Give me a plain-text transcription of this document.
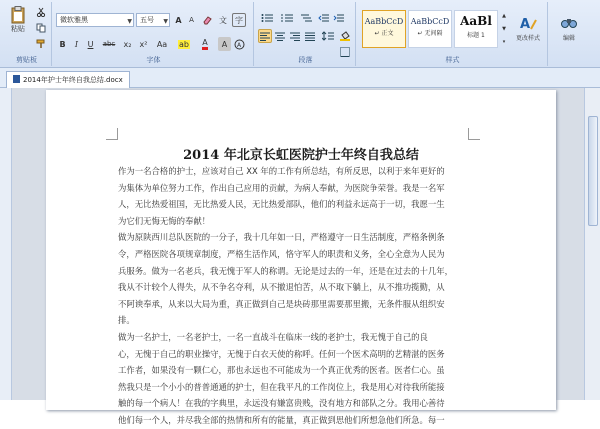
粘贴
剪贴板
微软雅黑	▼	五号 ▼ A A	文 字
B I U abc x₂ x² Aa ab A A A
字体	段落
AaBbCcD
↵ 正文
AaBbCcD
↵ 无间隔
AaBl
标题 1
▲
▼
▾
A
更改样式
样式
编辑
2014年护士年终自我总结.docx
2014 年北京长虹医院护士年终自我总结
作为一名合格的护士，应该对自己 XX 年的工作有所总结，有所反思，以利于来年更好的
为集体为单位努力工作，作出自己应用的贡献，为病人奉献，为医院争荣誉。我是一名军
人，无比热爱祖国，无比热爱人民，无比热爱部队，他们的利益永远高于一切，我愿一生
为它们无悔无悔的奉献！
做为原陕西川总队医院的一分子，我十几年如一日，严格遵守一日生活制度，严格条例条
令，严格医院各项规章制度，严格生活作风，恪守军人的职责和义务，全心全意为人民为
兵服务。做为一名老兵，我无愧于军人的称谓。无论是过去的一年，还是在过去的十几年，
我从不计较个人得失，从不争名夺利，从不撤退怕苦，从不取下躺上，从不推功揽勤，从
不阿谀奉承，从来以大局为重，真正做到自己是块砖那里需要那里搬，无条件服从组织安
排。
做为一名护士，一名老护士，一名一直战斗在临床一线的老护士，我无愧于自己的良
心，无愧于自己的职业操守，无愧于白衣天使的称呼。任何一个医术高明的艺精湛的医务
工作者，如果没有一颗仁心，那也永远也不可能成为一个真正优秀的医者。医者仁心。虽
然我只是一个小小的普普通通的护士，但在我平凡的工作岗位上，我是用心对待我所能接
触的每一个病人！在我的字典里，永远没有嫌富贵贱，没有地方和部队之分。我用心善待
他们每一个人，并尽我全部的热情和所有的能量，真正做到思他们所想急他们所急。每一
